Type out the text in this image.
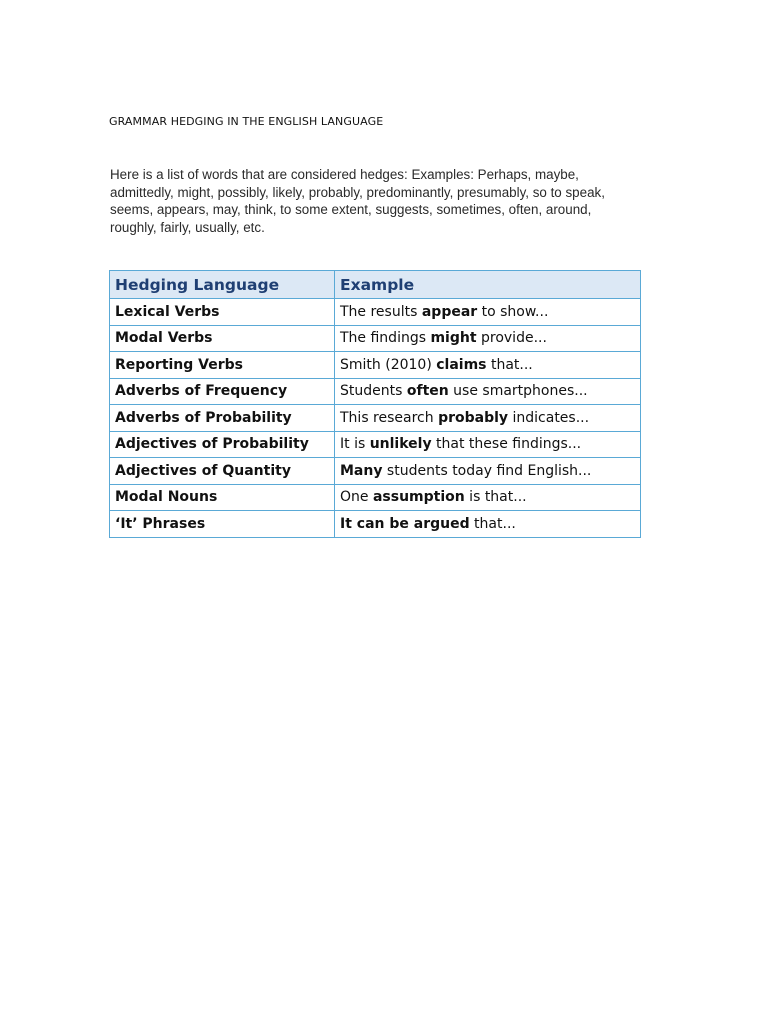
GRAMMAR HEDGING IN THE ENGLISH LANGUAGE
Here is a list of words that are considered hedges: Examples: Perhaps, maybe,
admittedly, might, possibly, likely, probably, predominantly, presumably, so to speak,
seems, appears, may, think, to some extent, suggests, sometimes, often, around,
roughly, fairly, usually, etc.
Hedging Language	Example
Lexical Verbs	The results appear to show...
Modal Verbs	The findings might provide...
Reporting Verbs	Smith (2010) claims that...
Adverbs of Frequency	Students often use smartphones...
Adverbs of Probability	This research probably indicates...
Adjectives of Probability	It is unlikely that these findings...
Adjectives of Quantity	Many students today find English...
Modal Nouns	One assumption is that...
‘It’ Phrases	It can be argued that...
